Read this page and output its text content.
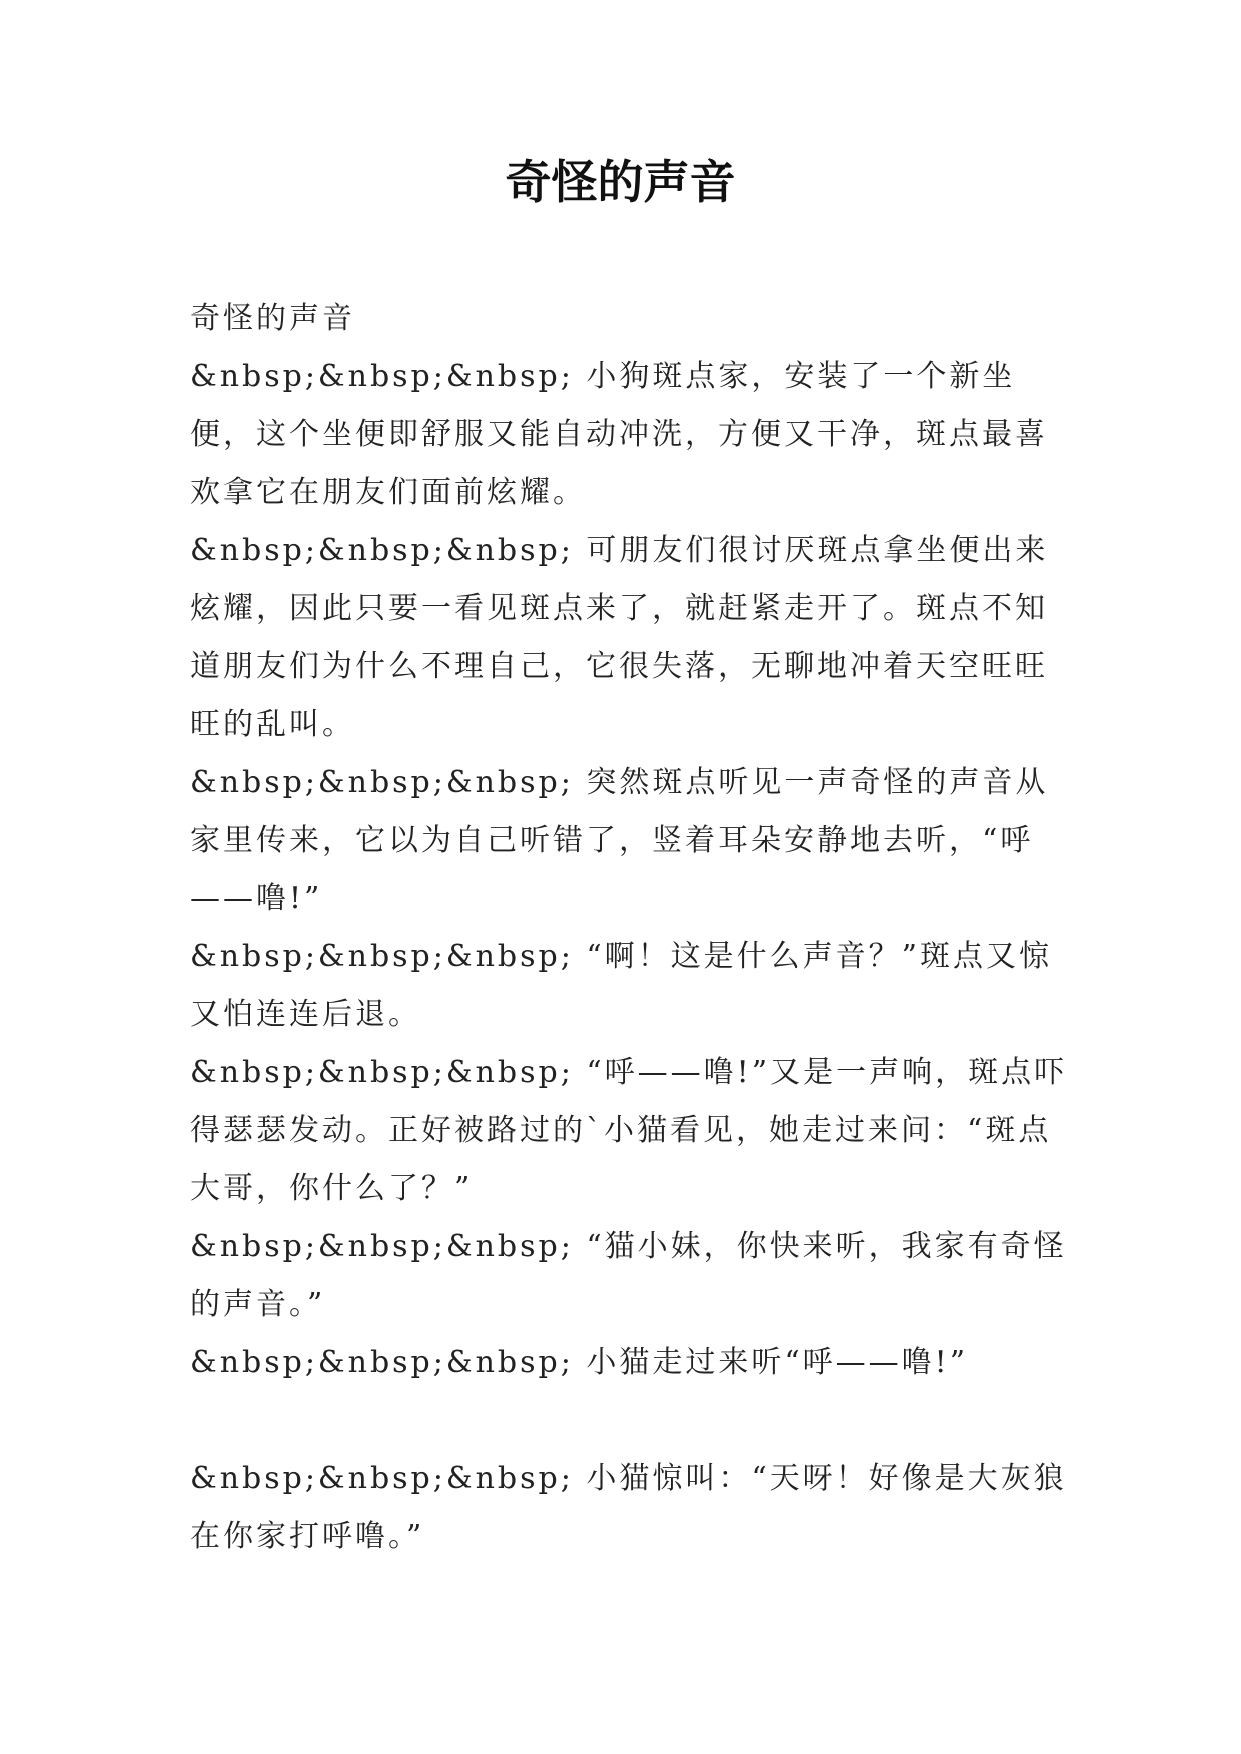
奇怪的声音

奇怪的声音

&nbsp;&nbsp;&nbsp; 小狗斑点家，安装了一个新坐便，这个坐便即舒服又能自动冲洗，方便又干净，斑点最喜欢拿它在朋友们面前炫耀。

&nbsp;&nbsp;&nbsp; 可朋友们很讨厌斑点拿坐便出来炫耀，因此只要一看见斑点来了，就赶紧走开了。斑点不知道朋友们为什么不理自己，它很失落，无聊地冲着天空旺旺旺的乱叫。

&nbsp;&nbsp;&nbsp; 突然斑点听见一声奇怪的声音从家里传来，它以为自己听错了，竖着耳朵安静地去听，“呼——噜!”

&nbsp;&nbsp;&nbsp; “啊！这是什么声音？”斑点又惊又怕连连后退。

&nbsp;&nbsp;&nbsp; “呼——噜!”又是一声响，斑点吓得瑟瑟发动。正好被路过的`小猫看见，她走过来问：“斑点大哥，你什么了？”

&nbsp;&nbsp;&nbsp; “猫小妹，你快来听，我家有奇怪的声音。”

&nbsp;&nbsp;&nbsp; 小猫走过来听“呼——噜!”

&nbsp;&nbsp;&nbsp; 小猫惊叫：“天呀！好像是大灰狼在你家打呼噜。”
